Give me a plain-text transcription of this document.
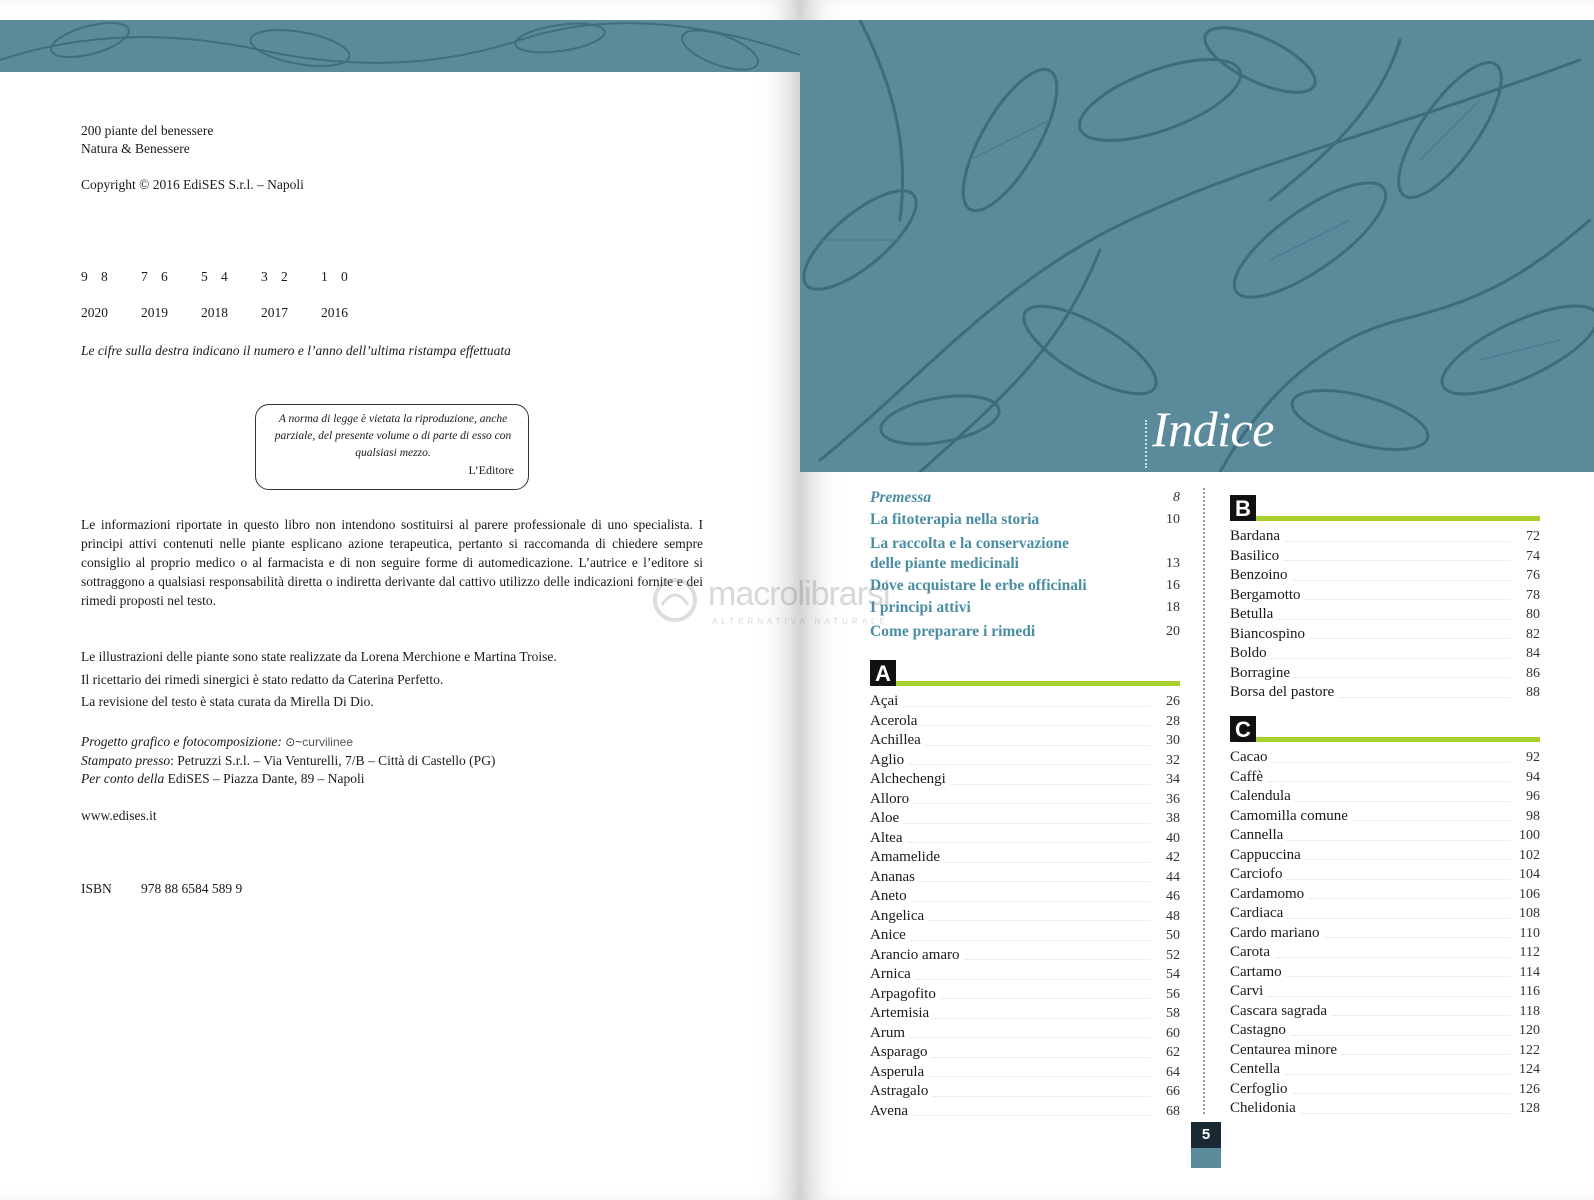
200 piante del benessere
Natura & Benessere
Copyright © 2016 EdiSES S.r.l. – Napoli
9 8 7 6 5 4 3 2 1 0
2020 2019 2018 2017 2016
Le cifre sulla destra indicano il numero e l’anno dell’ultima ristampa effettuata
A norma di legge è vietata la riproduzione, anche parziale, del presente volume o di parte di esso con qualsiasi mezzo.
L’Editore
Le informazioni riportate in questo libro non intendono sostituirsi al parere professionale di uno specialista. I principi attivi contenuti nelle piante esplicano azione terapeutica, pertanto si raccomanda di chiedere sempre consiglio al proprio medico o al farmacista e di non seguire forme di automedicazione. L’autrice e l’editore si sottraggono a qualsiasi responsabilità diretta o indiretta derivante dal cattivo utilizzo delle indicazioni fornite e dei rimedi proposti nel testo.
Le illustrazioni delle piante sono state realizzate da Lorena Merchione e Martina Troise.
Il ricettario dei rimedi sinergici è stato redatto da Caterina Perfetto.
La revisione del testo è stata curata da Mirella Di Dio.
Progetto grafico e fotocomposizione: ⊙~curvilinee
Stampato presso: Petruzzi S.r.l. – Via Venturelli, 7/B – Città di Castello (PG)
Per conto della EdiSES – Piazza Dante, 89 – Napoli
www.edises.it
ISBN 978 88 6584 589 9
Indice
Premessa	8
La fitoterapia nella storia	10
La raccolta e la conservazione
delle piante medicinali	13
Dove acquistare le erbe officinali	16
I principi attivi	18
Come preparare i rimedi	20
A
Açai	26
Acerola	28
Achillea	30
Aglio	32
Alchechengi	34
Alloro	36
Aloe	38
Altea	40
Amamelide	42
Ananas	44
Aneto	46
Angelica	48
Anice	50
Arancio amaro	52
Arnica	54
Arpagofito	56
Artemisia	58
Arum	60
Asparago	62
Asperula	64
Astragalo	66
Avena	68
B
Bardana	72
Basilico	74
Benzoino	76
Bergamotto	78
Betulla	80
Biancospino	82
Boldo	84
Borragine	86
Borsa del pastore	88
C
Cacao	92
Caffè	94
Calendula	96
Camomilla comune	98
Cannella	100
Cappuccina	102
Carciofo	104
Cardamomo	106
Cardiaca	108
Cardo mariano	110
Carota	112
Cartamo	114
Carvi	116
Cascara sagrada	118
Castagno	120
Centaurea minore	122
Centella	124
Cerfoglio	126
Chelidonia	128
macrolibrarsi
ALTERNATIVA NATURALE
5
